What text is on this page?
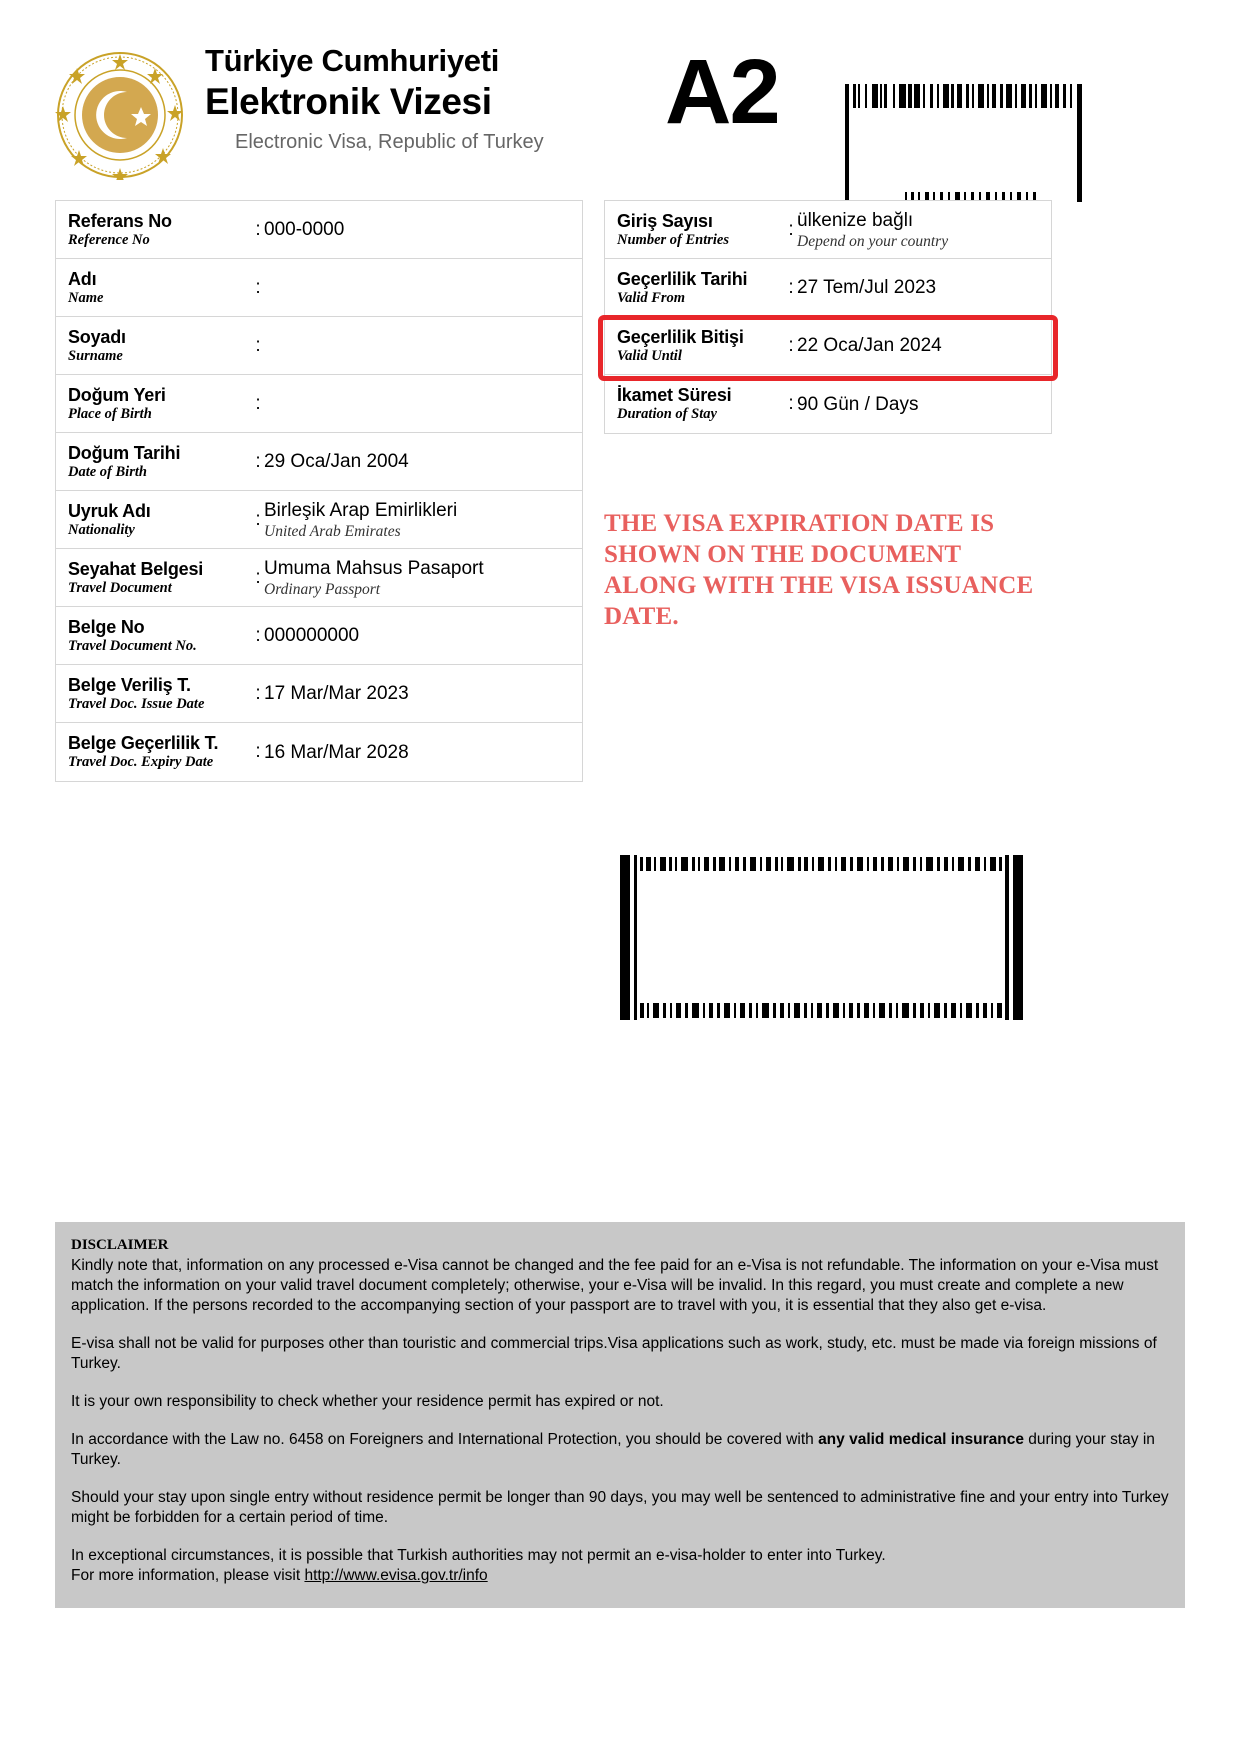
Türkiye Cumhuriyeti
Elektronik Vizesi
Electronic Visa, Republic of Turkey	A2
Referans No
Reference No	: 000-0000
Adı
Name	:
Soyadı
Surname	:
Doğum Yeri
Place of Birth	:
Doğum Tarihi
Date of Birth	: 29 Oca/Jan 2004
Uyruk Adı
Nationality	: Birleşik Arap Emirlikleri United Arab Emirates
Seyahat Belgesi
Travel Document	: Umuma Mahsus Pasaport Ordinary Passport
Belge No
Travel Document No.	: 000000000
Belge Veriliş T.
Travel Doc. Issue Date	: 17 Mar/Mar 2023
Belge Geçerlilik T.
Travel Doc. Expiry Date	: 16 Mar/Mar 2028
Giriş Sayısı
Number of Entries	: ülkenize bağlı Depend on your country
Geçerlilik Tarihi
Valid From	: 27 Tem/Jul 2023
Geçerlilik Bitişi
Valid Until	: 22 Oca/Jan 2024
İkamet Süresi
Duration of Stay	: 90 Gün / Days
THE VISA EXPIRATION DATE IS SHOWN ON THE DOCUMENT ALONG WITH THE VISA ISSUANCE DATE.
DISCLAIMER

Kindly note that, information on any processed e-Visa cannot be changed and the fee paid for an e-Visa is not refundable. The information on your e-Visa must match the information on your valid travel document completely; otherwise, your e-Visa will be invalid. In this regard, you must create and complete a new application. If the persons recorded to the accompanying section of your passport are to travel with you, it is essential that they also get e-visa.

E-visa shall not be valid for purposes other than touristic and commercial trips.Visa applications such as work, study, etc. must be made via foreign missions of Turkey.

It is your own responsibility to check whether your residence permit has expired or not.

In accordance with the Law no. 6458 on Foreigners and International Protection, you should be covered with any valid medical insurance during your stay in Turkey.

Should your stay upon single entry without residence permit be longer than 90 days, you may well be sentenced to administrative fine and your entry into Turkey might be forbidden for a certain period of time.

In exceptional circumstances, it is possible that Turkish authorities may not permit an e-visa-holder to enter into Turkey.

For more information, please visit http://www.evisa.gov.tr/info
